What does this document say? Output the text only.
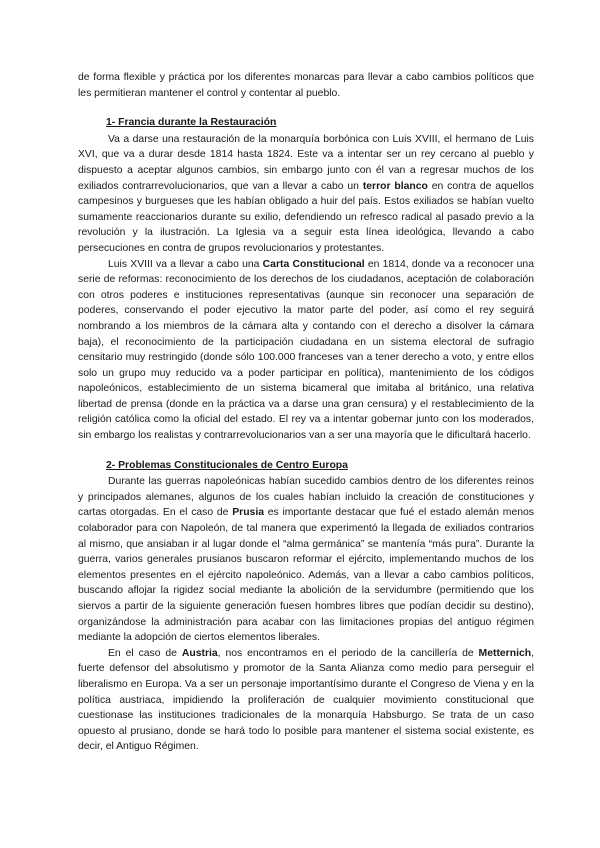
de forma flexible y práctica por los diferentes monarcas para llevar a cabo cambios políticos que les permitieran mantener el control y contentar al pueblo.

1- Francia durante la Restauración

Va a darse una restauración de la monarquía borbónica con Luis XVIII, el hermano de Luis XVI, que va a durar desde 1814 hasta 1824. Este va a intentar ser un rey cercano al pueblo y dispuesto a aceptar algunos cambios, sin embargo junto con él van a regresar muchos de los exiliados contrarrevolucionarios, que van a llevar a cabo un terror blanco en contra de aquellos campesinos y burgueses que les habían obligado a huir del país. Estos exiliados se habían vuelto sumamente reaccionarios durante su exilio, defendiendo un refresco radical al pasado previo a la revolución y la ilustración. La Iglesia va a seguir esta línea ideológica, llevando a cabo persecuciones en contra de grupos revolucionarios y protestantes.

Luis XVIII va a llevar a cabo una Carta Constitucional en 1814, donde va a reconocer una serie de reformas: reconocimiento de los derechos de los ciudadanos, aceptación de colaboración con otros poderes e instituciones representativas (aunque sin reconocer una separación de poderes, conservando el poder ejecutivo la mator parte del poder, así como el rey seguirá nombrando a los miembros de la cámara alta y contando con el derecho a disolver la cámara baja), el reconocimiento de la participación ciudadana en un sistema electoral de sufragio censitario muy restringido (donde sólo 100.000 franceses van a tener derecho a voto, y entre ellos solo un grupo muy reducido va a poder participar en política), mantenimiento de los códigos napoleónicos, establecimiento de un sistema bicameral que imitaba al británico, una relativa libertad de prensa (donde en la práctica va a darse una gran censura) y el restablecimiento de la religión católica como la oficial del estado. El rey va a intentar gobernar junto con los moderados, sin embargo los realistas y contrarrevolucionarios van a ser una mayoría que le dificultará hacerlo.

2- Problemas Constitucionales de Centro Europa

Durante las guerras napoleónicas habían sucedido cambios dentro de los diferentes reinos y principados alemanes, algunos de los cuales habían incluido la creación de constituciones y cartas otorgadas. En el caso de Prusia es importante destacar que fué el estado alemán menos colaborador para con Napoleón, de tal manera que experimentó la llegada de exiliados contrarios al mismo, que ansiaban ir al lugar donde el “alma germánica” se mantenía “más pura”. Durante la guerra, varios generales prusianos buscaron reformar el ejército, implementando muchos de los elementos presentes en el ejército napoleónico. Además, van a llevar a cabo cambios políticos, buscando aflojar la rigidez social mediante la abolición de la servidumbre (permitiendo que los siervos a partir de la siguiente generación fuesen hombres libres que podían decidir su destino), organizándose la administración para acabar con las limitaciones propias del antiguo régimen mediante la adopción de ciertos elementos liberales.

En el caso de Austria, nos encontramos en el periodo de la cancillería de Metternich, fuerte defensor del absolutismo y promotor de la Santa Alianza como medio para perseguir el liberalismo en Europa. Va a ser un personaje importantísimo durante el Congreso de Viena y en la política austriaca, impidiendo la proliferación de cualquier movimiento constitucional que cuestionase las instituciones tradicionales de la monarquía Habsburgo. Se trata de un caso opuesto al prusiano, donde se hará todo lo posible para mantener el sistema social existente, es decir, el Antiguo Régimen.
